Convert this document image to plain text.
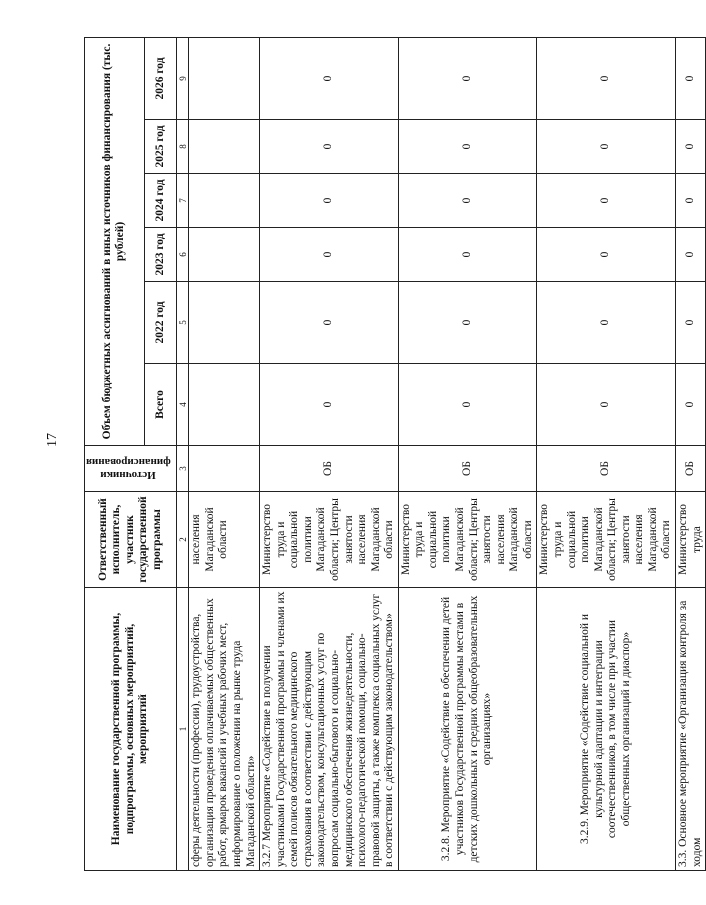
17
Наименование государственной программы, подпрограммы, основных мероприятий, мероприятий	Ответственный исполнитель, участник государственной программы	Источники финансирования	Объем бюджетных ассигнований в иных источников финансирования (тыс. рублей)					
			Всего	2022 год	2023 год	2024 год	2025 год	2026 год
1	2	3	4	5	6	7	8	9
сферы деятельности (профессии), трудоустройства, организация проведения оплачиваемых общественных работ, ярмарок вакансий и учебных рабочих мест, информирование о положении на рынке труда Магаданской области»	населения Магаданской области							
3.2.7 Мероприятие «Содействие в получении участниками Государственной программы и членами их семей полисов обязательного медицинского страхования в соответствии с действующим законодательством, консультационных услуг по вопросам социально-бытового и социально-медицинского обеспечения жизнедеятельности, психолого-педагогической помощи, социально-правовой защиты, а также комплекса социальных услуг в соответствии с действующим законодательством»	Министерство труда и социальной политики Магаданской области; Центры занятости населения Магаданской области	ОБ	0	0	0	0	0	0
3.2.8. Мероприятие «Содействие в обеспечении детей участников Государственной программы местами в детских дошкольных и средних общеобразовательных организациях»	Министерство труда и социальной политики Магаданской области; Центры занятости населения Магаданской области	ОБ	0	0	0	0	0	0
3.2.9. Мероприятие «Содействие социальной и культурной адаптации и интеграции соотечественников, в том числе при участии общественных организаций и диаспор»	Министерство труда и социальной политики Магаданской области; Центры занятости населения Магаданской области	ОБ	0	0	0	0	0	0
3.3. Основное мероприятие «Организация контроля за ходом	Министерство труда	ОБ	0	0	0	0	0	0
